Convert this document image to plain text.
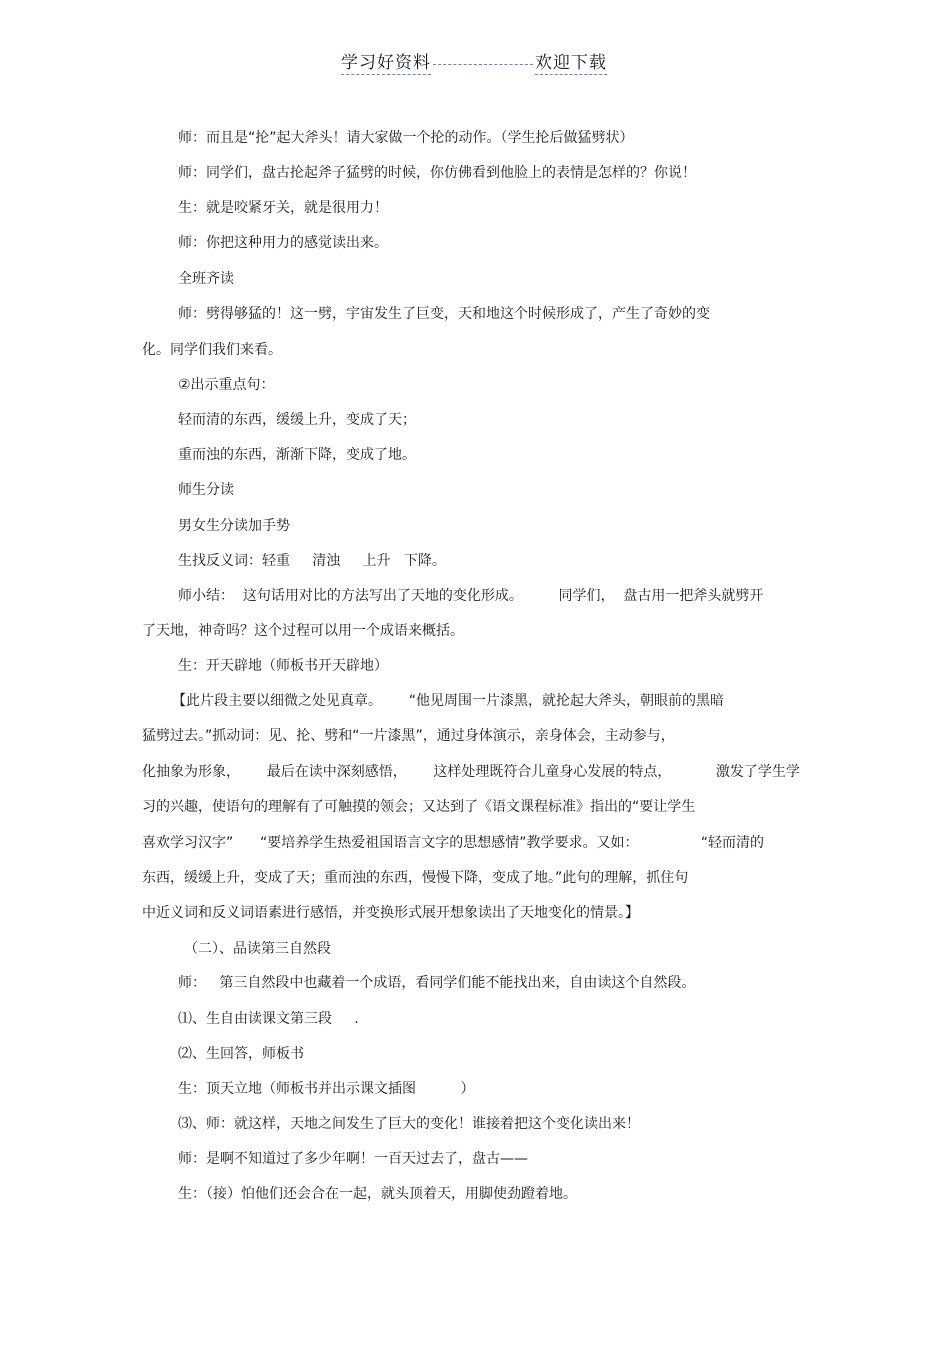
学习好资料	欢迎下载
师：而且是“抡”起大斧头！请大家做一个抡的动作。（学生抡后做猛劈状）
师：同学们，盘古抡起斧子猛劈的时候，你仿佛看到他脸上的表情是怎样的？你说！
生：就是咬紧牙关，就是很用力！
师：你把这种用力的感觉读出来。
全班齐读
师：劈得够猛的！这一劈，宇宙发生了巨变，天和地这个时候形成了，产生了奇妙的变
化。同学们我们来看。
②出示重点句：
轻而清的东西，缓缓上升，变成了天；
重而浊的东西，渐渐下降，变成了地。
师生分读
男女生分读加手势
生找反义词：轻重     清浊     上升   下降。
师小结：  这句话用对比的方法写出了天地的变化形成。        同学们，  盘古用一把斧头就劈开
了天地，神奇吗？这个过程可以用一个成语来概括。
生：开天辟地（师板书开天辟地）
【此片段主要以细微之处见真章。      “他见周围一片漆黑，就抡起大斧头，朝眼前的黑暗
猛劈过去。”抓动词：见、抡、劈和“一片漆黑”，通过身体演示，亲身体会，主动参与，
化抽象为形象，      最后在读中深刻感悟，      这样处理既符合儿童身心发展的特点，          激发了学生学
习的兴趣，使语句的理解有了可触摸的领会；又达到了《语文课程标准》指出的“要让学生
喜欢学习汉字”      “要培养学生热爱祖国语言文字的思想感情”教学要求。又如：              “轻而清的
东西，缓缓上升，变成了天；重而浊的东西，慢慢下降，变成了地。”此句的理解，抓住句
中近义词和反义词语素进行感悟，并变换形式展开想象读出了天地变化的情景。】
（二）、品读第三自然段
师：   第三自然段中也藏着一个成语，看同学们能不能找出来，自由读这个自然段。
⑴、生自由读课文第三段     .
⑵、生回答，师板书
生：顶天立地（师板书并出示课文插图          ）
⑶、师：就这样，天地之间发生了巨大的变化！谁接着把这个变化读出来！
师：是啊不知道过了多少年啊！一百天过去了，盘古——
生：（接）怕他们还会合在一起，就头顶着天，用脚使劲蹬着地。
